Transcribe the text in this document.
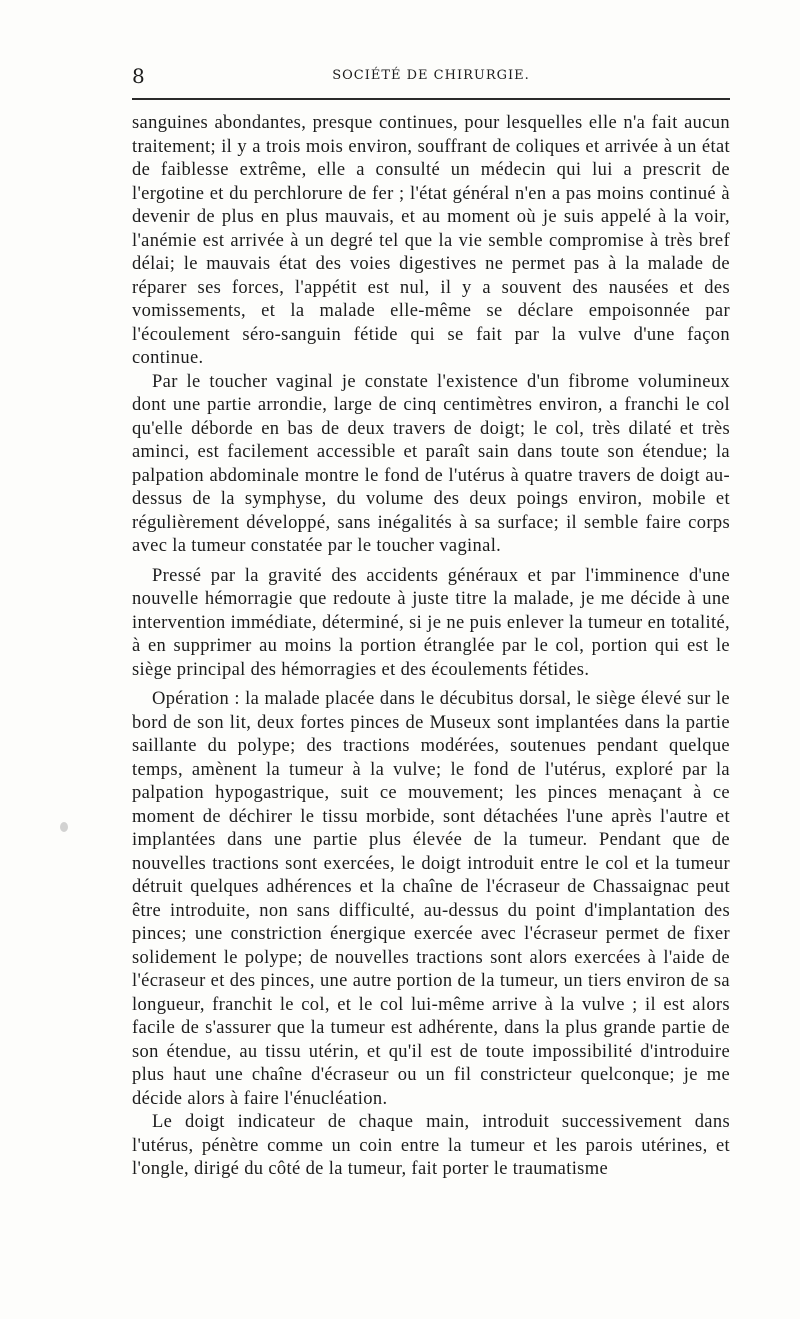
8	SOCIÉTÉ DE CHIRURGIE.

sanguines abondantes, presque continues, pour lesquelles elle n'a fait aucun traitement; il y a trois mois environ, souffrant de coliques et arrivée à un état de faiblesse extrême, elle a consulté un médecin qui lui a prescrit de l'ergotine et du perchlorure de fer ; l'état général n'en a pas moins continué à devenir de plus en plus mauvais, et au moment où je suis appelé à la voir, l'anémie est arrivée à un degré tel que la vie semble compromise à très bref délai; le mauvais état des voies digestives ne permet pas à la malade de réparer ses forces, l'appétit est nul, il y a souvent des nausées et des vomissements, et la malade elle-même se déclare empoisonnée par l'écoulement séro-sanguin fétide qui se fait par la vulve d'une façon continue.

Par le toucher vaginal je constate l'existence d'un fibrome volumineux dont une partie arrondie, large de cinq centimètres environ, a franchi le col qu'elle déborde en bas de deux travers de doigt; le col, très dilaté et très aminci, est facilement accessible et paraît sain dans toute son étendue; la palpation abdominale montre le fond de l'utérus à quatre travers de doigt au-dessus de la symphyse, du volume des deux poings environ, mobile et régulièrement développé, sans inégalités à sa surface; il semble faire corps avec la tumeur constatée par le toucher vaginal.

Pressé par la gravité des accidents généraux et par l'imminence d'une nouvelle hémorragie que redoute à juste titre la malade, je me décide à une intervention immédiate, déterminé, si je ne puis enlever la tumeur en totalité, à en supprimer au moins la portion étranglée par le col, portion qui est le siège principal des hémorragies et des écoulements fétides.

Opération : la malade placée dans le décubitus dorsal, le siège élevé sur le bord de son lit, deux fortes pinces de Museux sont implantées dans la partie saillante du polype; des tractions modérées, soutenues pendant quelque temps, amènent la tumeur à la vulve; le fond de l'utérus, exploré par la palpation hypogastrique, suit ce mouvement; les pinces menaçant à ce moment de déchirer le tissu morbide, sont détachées l'une après l'autre et implantées dans une partie plus élevée de la tumeur. Pendant que de nouvelles tractions sont exercées, le doigt introduit entre le col et la tumeur détruit quelques adhérences et la chaîne de l'écraseur de Chassaignac peut être introduite, non sans difficulté, au-dessus du point d'implantation des pinces; une constriction énergique exercée avec l'écraseur permet de fixer solidement le polype; de nouvelles tractions sont alors exercées à l'aide de l'écraseur et des pinces, une autre portion de la tumeur, un tiers environ de sa longueur, franchit le col, et le col lui-même arrive à la vulve ; il est alors facile de s'assurer que la tumeur est adhérente, dans la plus grande partie de son étendue, au tissu utérin, et qu'il est de toute impossibilité d'introduire plus haut une chaîne d'écraseur ou un fil constricteur quelconque; je me décide alors à faire l'énucléation.

Le doigt indicateur de chaque main, introduit successivement dans l'utérus, pénètre comme un coin entre la tumeur et les parois utérines, et l'ongle, dirigé du côté de la tumeur, fait porter le traumatisme
